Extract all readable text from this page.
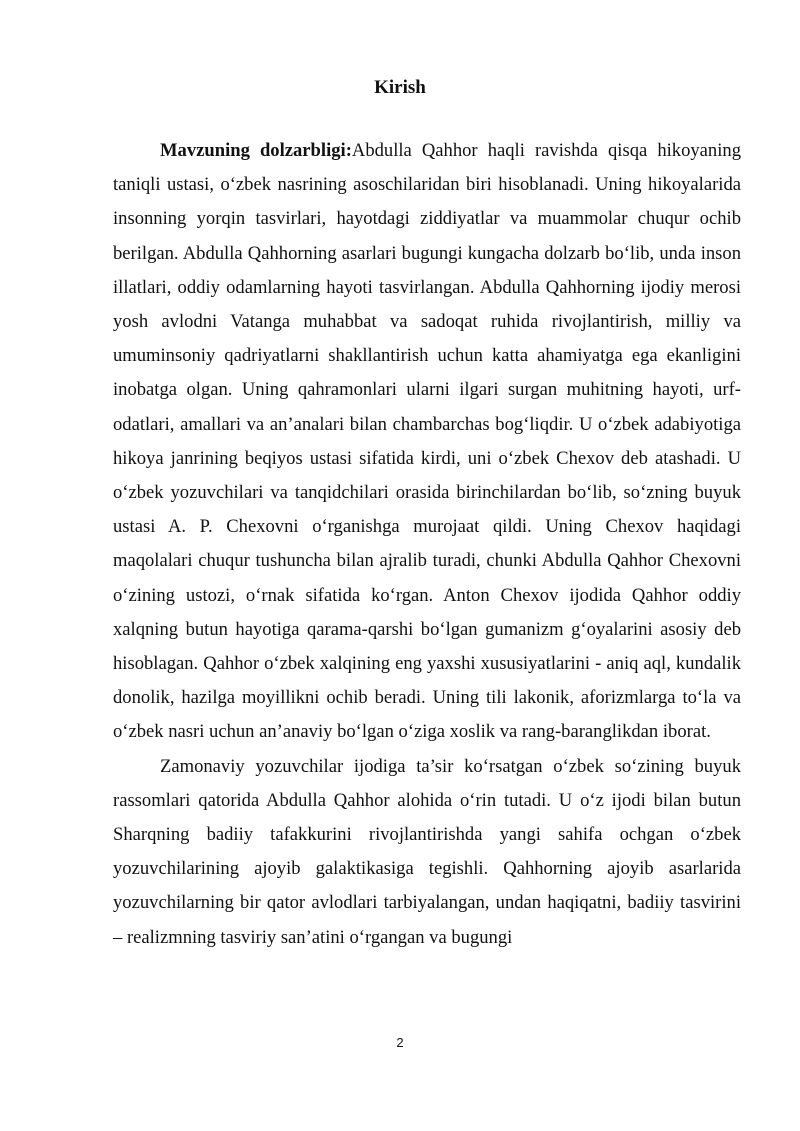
Kirish

Mavzuning dolzarbligi:Abdulla Qahhor haqli ravishda qisqa hikoyaning taniqli ustasi, o‘zbek nasrining asoschilaridan biri hisoblanadi. Uning hikoyalarida insonning yorqin tasvirlari, hayotdagi ziddiyatlar va muammolar chuqur ochib berilgan. Abdulla Qahhorning asarlari bugungi kungacha dolzarb bo‘lib, unda inson illatlari, oddiy odamlarning hayoti tasvirlangan. Abdulla Qahhorning ijodiy merosi yosh avlodni Vatanga muhabbat va sadoqat ruhida rivojlantirish, milliy va umuminsoniy qadriyatlarni shakllantirish uchun katta ahamiyatga ega ekanligini inobatga olgan. Uning qahramonlari ularni ilgari surgan muhitning hayoti, urf-odatlari, amallari va an’analari bilan chambarchas bog‘liqdir. U o‘zbek adabiyotiga hikoya janrining beqiyos ustasi sifatida kirdi, uni o‘zbek Chexov deb atashadi. U o‘zbek yozuvchilari va tanqidchilari orasida birinchilardan bo‘lib, so‘zning buyuk ustasi A. P. Chexovni o‘rganishga murojaat qildi. Uning Chexov haqidagi maqolalari chuqur tushuncha bilan ajralib turadi, chunki Abdulla Qahhor Chexovni o‘zining ustozi, o‘rnak sifatida ko‘rgan. Anton Chexov ijodida Qahhor oddiy xalqning butun hayotiga qarama-qarshi bo‘lgan gumanizm g‘oyalarini asosiy deb hisoblagan. Qahhor o‘zbek xalqining eng yaxshi xususiyatlarini - aniq aql, kundalik donolik, hazilga moyillikni ochib beradi. Uning tili lakonik, aforizmlarga to‘la va o‘zbek nasri uchun an’anaviy bo‘lgan o‘ziga xoslik va rang-baranglikdan iborat.

Zamonaviy yozuvchilar ijodiga ta’sir ko‘rsatgan o‘zbek so‘zining buyuk rassomlari qatorida Abdulla Qahhor alohida o‘rin tutadi. U o‘z ijodi bilan butun Sharqning badiiy tafakkurini rivojlantirishda yangi sahifa ochgan o‘zbek yozuvchilarining ajoyib galaktikasiga tegishli. Qahhorning ajoyib asarlarida yozuvchilarning bir qator avlodlari tarbiyalangan, undan haqiqatni, badiiy tasvirini – realizmning tasviriy san’atini o‘rgangan va bugungi

2
